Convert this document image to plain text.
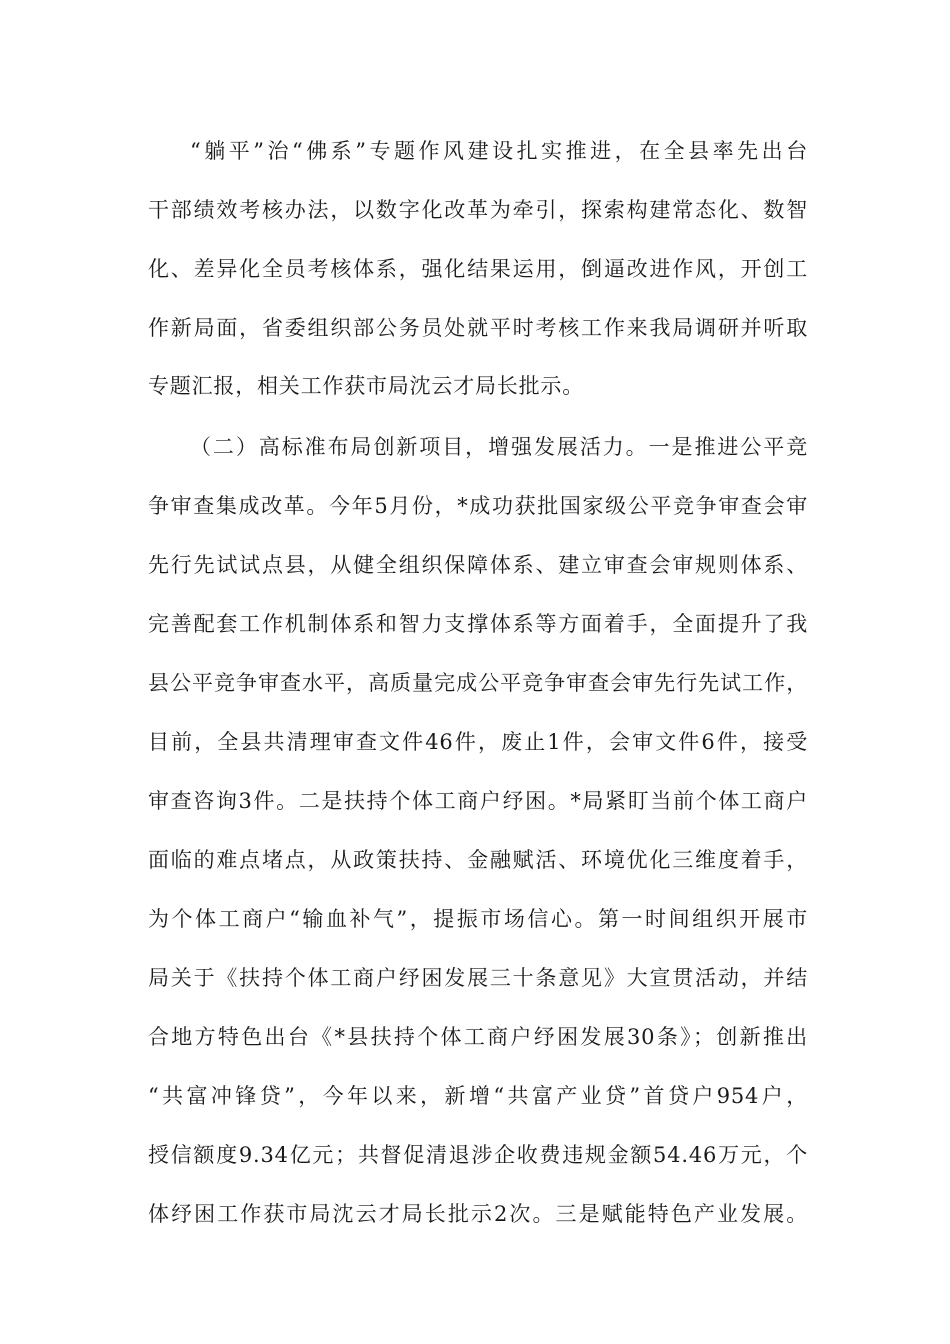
“躺平”治“佛系”专题作风建设扎实推进，在全县率先出台
干部绩效考核办法，以数字化改革为牵引，探索构建常态化、数智
化、差异化全员考核体系，强化结果运用，倒逼改进作风，开创工
作新局面，省委组织部公务员处就平时考核工作来我局调研并听取
专题汇报，相关工作获市局沈云才局长批示。
（二）高标准布局创新项目，增强发展活力。一是推进公平竞
争审查集成改革。今年5月份，*成功获批国家级公平竞争审查会审
先行先试试点县，从健全组织保障体系、建立审查会审规则体系、
完善配套工作机制体系和智力支撑体系等方面着手，全面提升了我
县公平竞争审查水平，高质量完成公平竞争审查会审先行先试工作，
目前，全县共清理审查文件46件，废止1件，会审文件6件，接受
审查咨询3件。二是扶持个体工商户纾困。*局紧盯当前个体工商户
面临的难点堵点，从政策扶持、金融赋活、环境优化三维度着手，
为个体工商户“输血补气”，提振市场信心。第一时间组织开展市
局关于《扶持个体工商户纾困发展三十条意见》大宣贯活动，并结
合地方特色出台《*县扶持个体工商户纾困发展30条》；创新推出
“共富冲锋贷”，今年以来，新增“共富产业贷”首贷户954户，
授信额度9.34亿元；共督促清退涉企收费违规金额54.46万元，个
体纾困工作获市局沈云才局长批示2次。三是赋能特色产业发展。
